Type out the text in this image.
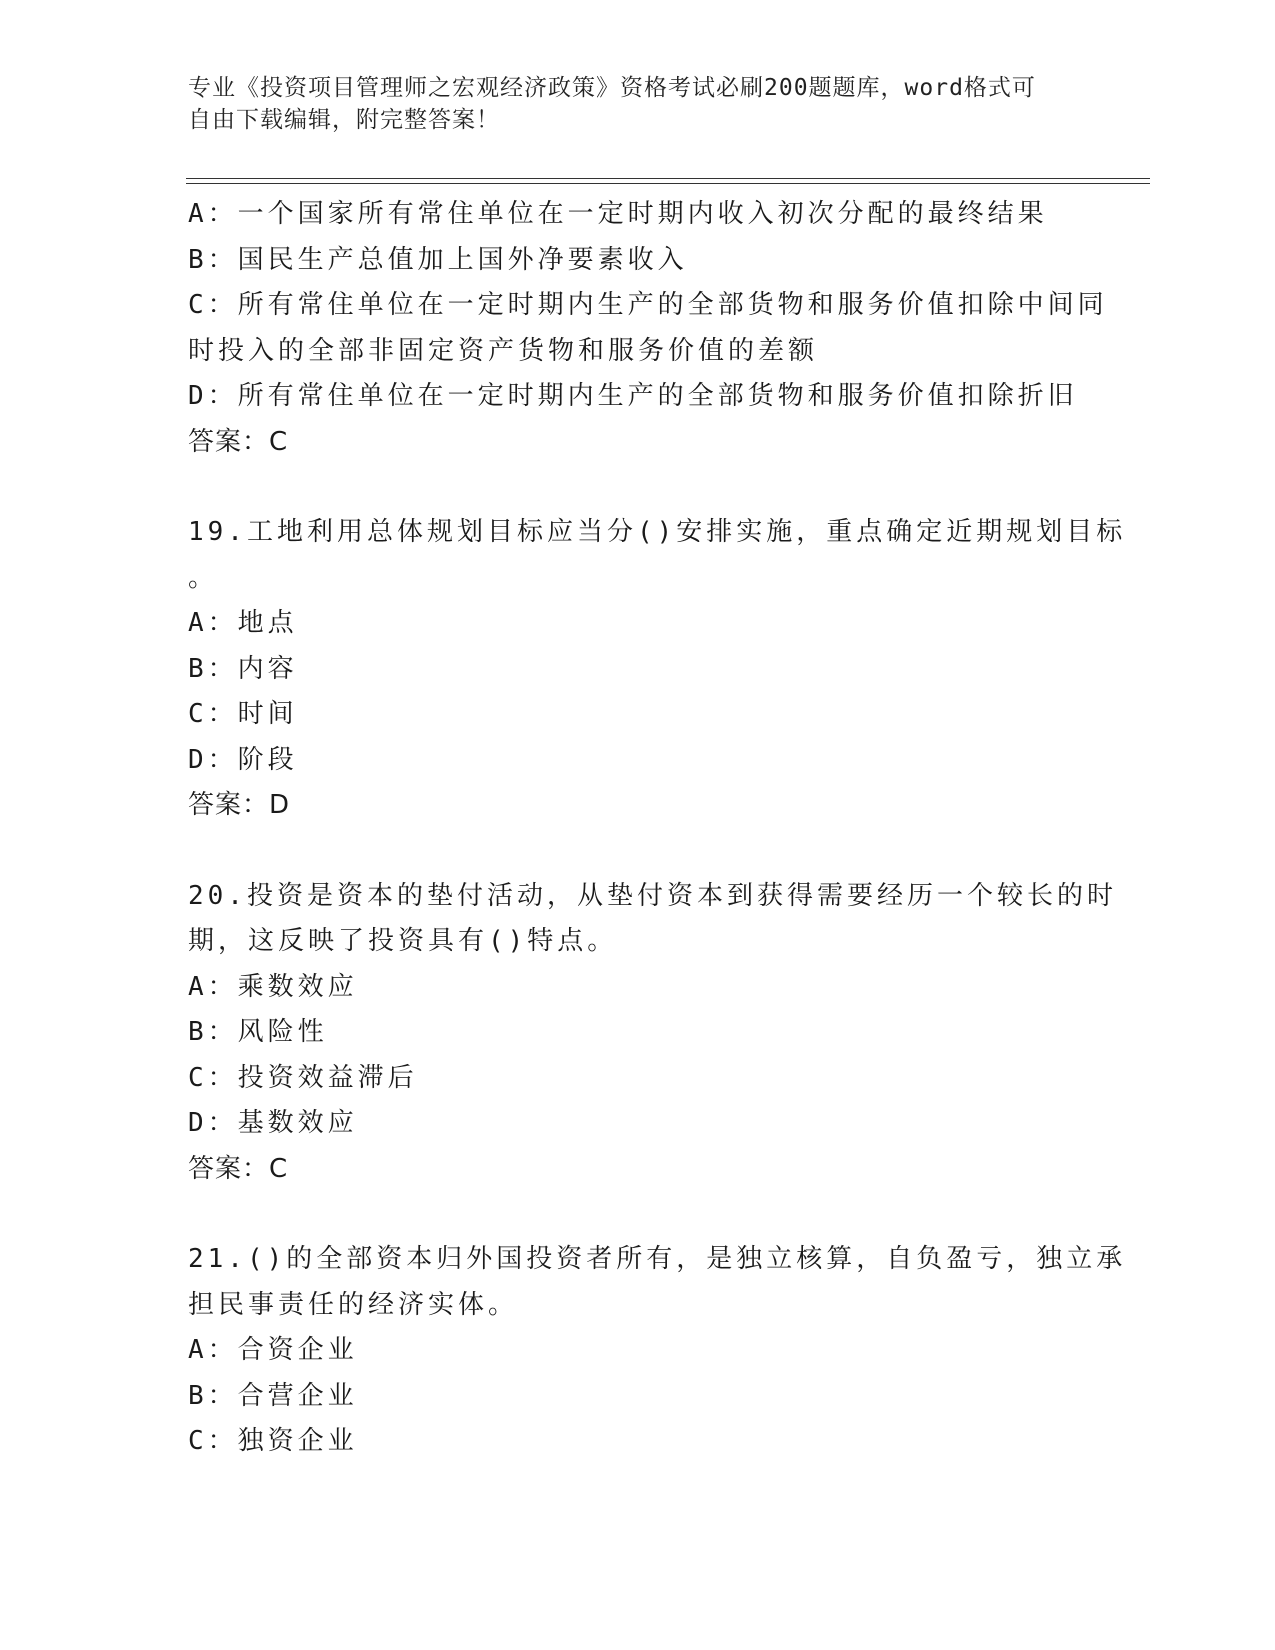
专业《投资项目管理师之宏观经济政策》资格考试必刷200题题库，word格式可
自由下载编辑，附完整答案！
A：一个国家所有常住单位在一定时期内收入初次分配的最终结果
B：国民生产总值加上国外净要素收入
C：所有常住单位在一定时期内生产的全部货物和服务价值扣除中间同
时投入的全部非固定资产货物和服务价值的差额
D：所有常住单位在一定时期内生产的全部货物和服务价值扣除折旧
答案：C
19.工地利用总体规划目标应当分()安排实施，重点确定近期规划目标
。
A：地点
B：内容
C：时间
D：阶段
答案：D
20.投资是资本的垫付活动，从垫付资本到获得需要经历一个较长的时
期，这反映了投资具有()特点。
A：乘数效应
B：风险性
C：投资效益滞后
D：基数效应
答案：C
21.()的全部资本归外国投资者所有，是独立核算，自负盈亏，独立承
担民事责任的经济实体。
A：合资企业
B：合营企业
C：独资企业
